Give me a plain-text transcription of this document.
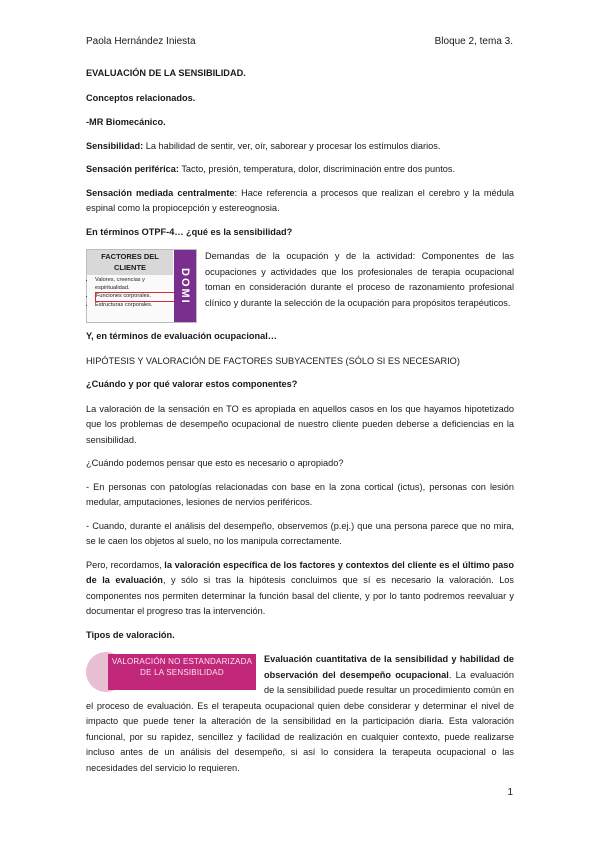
Paola Hernández Iniesta	Bloque 2, tema 3.

EVALUACIÓN DE LA SENSIBILIDAD.

Conceptos relacionados.

-MR Biomecánico.

Sensibilidad: La habilidad de sentir, ver, oír, saborear y procesar los estímulos diarios.

Sensación periférica: Tacto, presión, temperatura, dolor, discriminación entre dos puntos.

Sensación mediada centralmente: Hace referencia a procesos que realizan el cerebro y la médula espinal como la propiocepción y estereognosia.

En términos OTPF-4… ¿qué es la sensibilidad?

FACTORES DEL CLIENTE
• Valores, creencias y espiritualidad.
• Funciones corporales.
• Estructuras corporales.
DOMI

Demandas de la ocupación y de la actividad: Componentes de las ocupaciones y actividades que los profesionales de terapia ocupacional toman en consideración durante el proceso de razonamiento profesional clínico y durante la selección de la ocupación para propósitos terapéuticos.

Y, en términos de evaluación ocupacional…

HIPÓTESIS Y VALORACIÓN DE FACTORES SUBYACENTES (SÓLO SI ES NECESARIO)

¿Cuándo y por qué valorar estos componentes?

La valoración de la sensación en TO es apropiada en aquellos casos en los que hayamos hipotetizado que los problemas de desempeño ocupacional de nuestro cliente pueden deberse a deficiencias en la sensibilidad.

¿Cuándo podemos pensar que esto es necesario o apropiado?

- En personas con patologías relacionadas con base en la zona cortical (ictus), personas con lesión medular, amputaciones, lesiones de nervios periféricos.

- Cuando, durante el análisis del desempeño, observemos (p.ej.) que una persona parece que no mira, se le caen los objetos al suelo, no los manipula correctamente.

Pero, recordamos, la valoración específica de los factores y contextos del cliente es el último paso de la evaluación, y sólo si tras la hipótesis concluimos que sí es necesario la valoración. Los componentes nos permiten determinar la función basal del cliente, y por lo tanto podremos reevaluar y documentar el progreso tras la intervención.

Tipos de valoración.

VALORACIÓN NO ESTANDARIZADA DE LA SENSIBILIDAD

Evaluación cuantitativa de la sensibilidad y habilidad de observación del desempeño ocupacional. La evaluación de la sensibilidad puede resultar un procedimiento común en el proceso de evaluación. Es el terapeuta ocupacional quien debe considerar y determinar el nivel de impacto que puede tener la alteración de la sensibilidad en la participación diaria. Esta valoración funcional, por su rapidez, sencillez y facilidad de realización en cualquier contexto, puede realizarse incluso antes de un análisis del desempeño, si así lo considera la terapeuta ocupacional o las necesidades del servicio lo requieren.

1
